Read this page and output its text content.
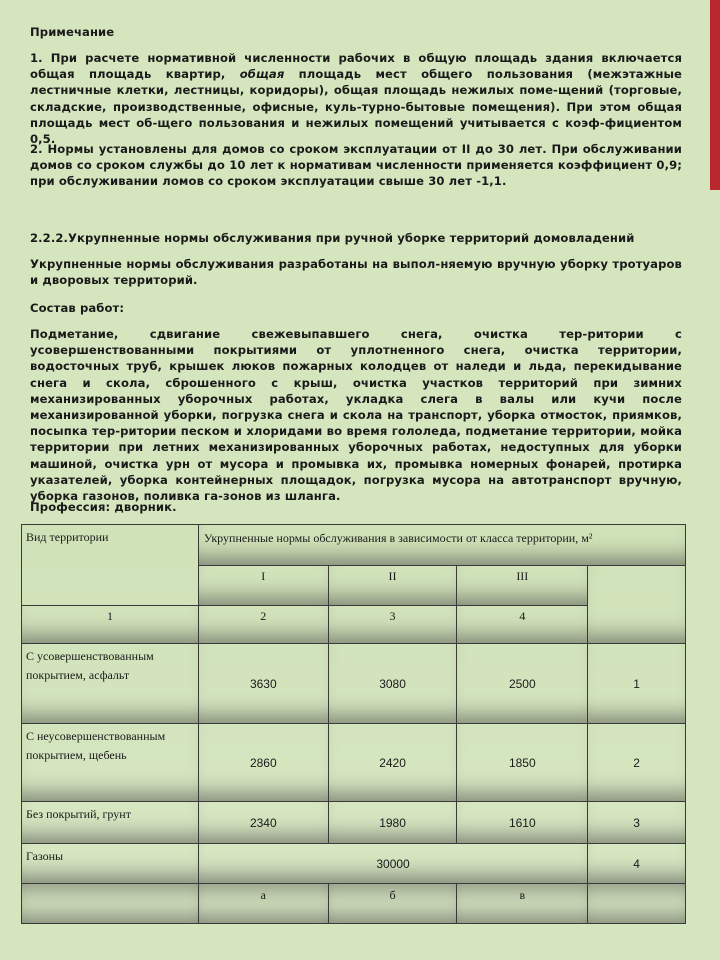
Примечание
1. При расчете нормативной численности рабочих в общую площадь здания включается общая площадь квартир, общая площадь мест общего пользования (межэтажные лестничные клетки, лестницы, коридоры), общая площадь нежилых поме-щений (торговые, складские, производственные, офисные, куль-турно-бытовые помещения). При этом общая площадь мест об-щего пользования и нежилых помещений учитывается с коэф-фициентом 0,5.
2. Нормы установлены для домов со сроком эксплуатации от II до 30 лет. При обслуживании домов со сроком службы до 10 лет к нормативам численности применяется коэффициент 0,9; при обслуживании ломов со сроком эксплуатации свыше 30 лет -1,1.
2.2.2.Укрупненные нормы обслуживания при ручной уборке территорий домовладений
Укрупненные нормы обслуживания разработаны на выпол-няемую вручную уборку тротуаров и дворовых территорий.
Состав работ:
Подметание, сдвигание свежевыпавшего снега, очистка тер-ритории с усовершенствованными покрытиями от уплотненного снега, очистка территории, водосточных труб, крышек люков пожарных колодцев от наледи и льда, перекидывание снега и скола, сброшенного с крыш, очистка участков территорий при зимних механизированных уборочных работах, укладка слега в валы или кучи после механизированной уборки, погрузка снега и скола на транспорт, уборка отмосток, приямков, посыпка тер-ритории песком и хлоридами во время гололеда, подметание территории, мойка территории при летних механизированных уборочных работах, недоступных для уборки машиной, очистка урн от мусора и промывка их, промывка номерных фонарей, протирка указателей, уборка контейнерных площадок, погрузка мусора на автотранспорт вручную, уборка газонов, поливка га-зонов из шланга.
Профессия: дворник.
Вид территории	Укрупненные нормы обслуживания в зависимости от класса территории, м²			
	I	II	III	
1	2	3	4	
С усовершенствованным покрытием, асфальт	3630	3080	2500	1
С неусовершенствованным покрытием, щебень	2860	2420	1850	2
Без покрытий, грунт	2340	1980	1610	3
Газоны	30000			4
	а	б	в	
